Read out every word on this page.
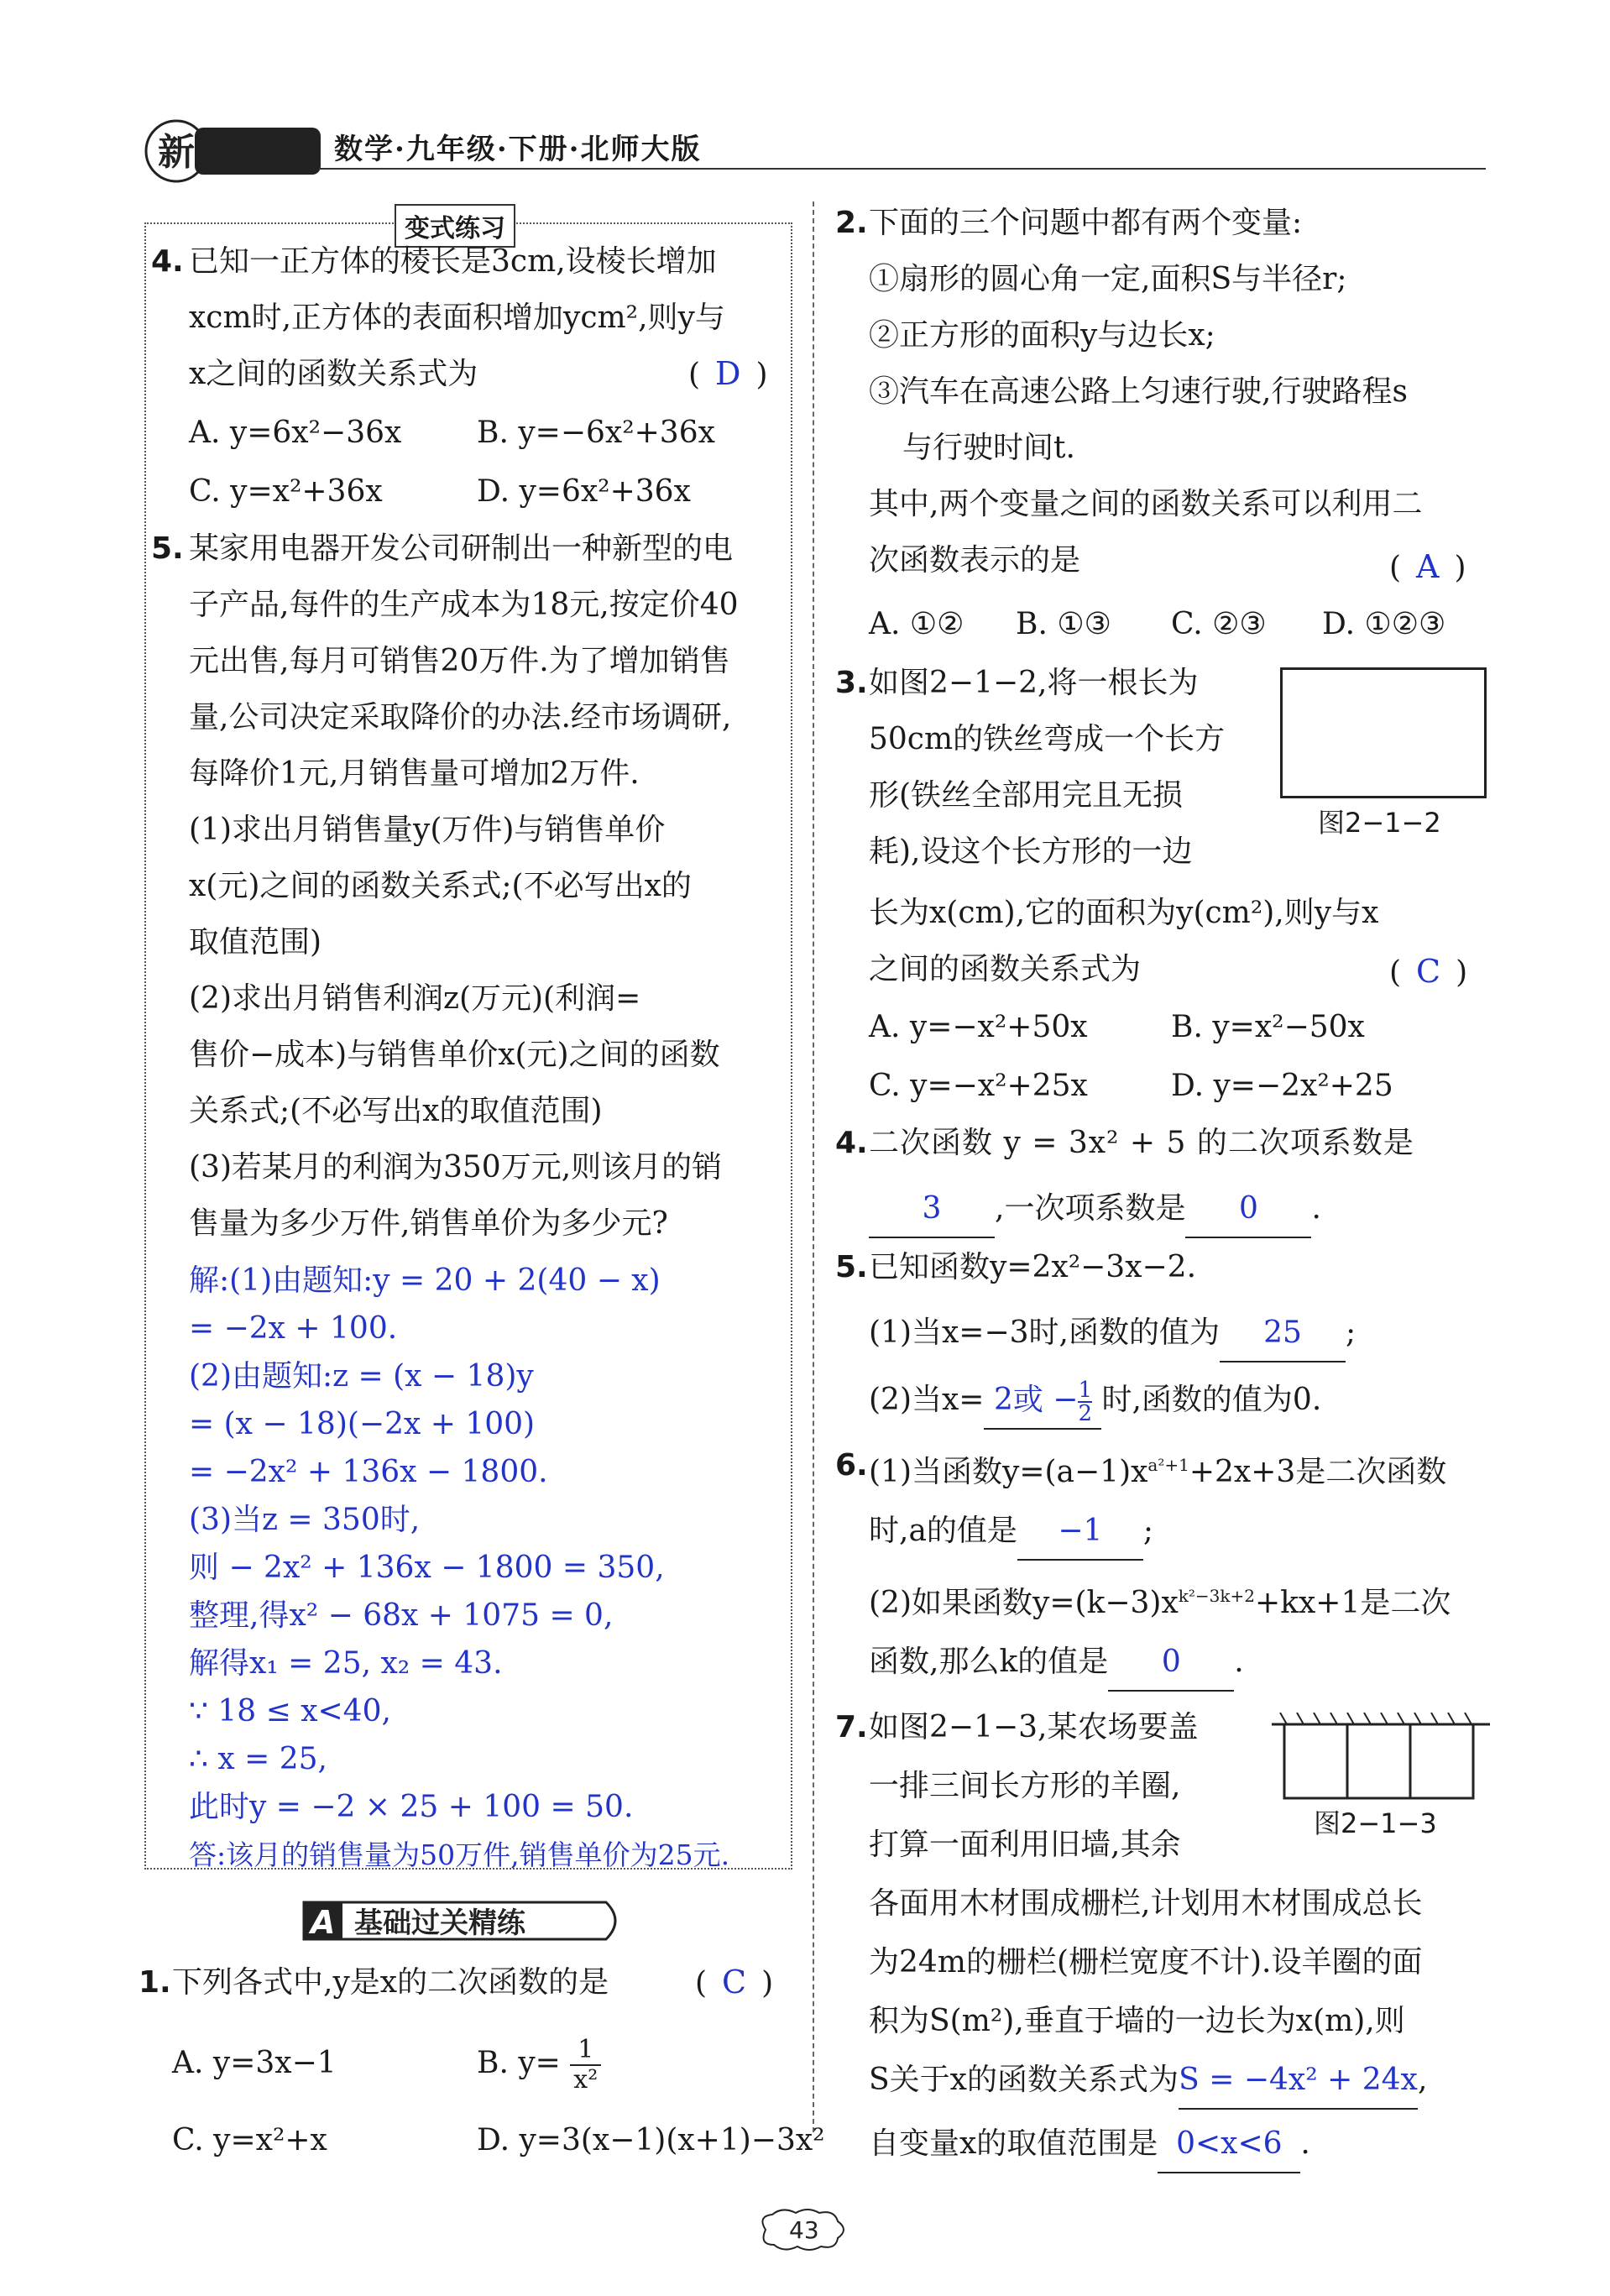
新课堂 数学·九年级·下册·北师大版
变式练习
4. 已知一正方体的棱长是3cm,设棱长增加
xcm时,正方体的表面积增加ycm²,则y与
x之间的函数关系式为	( D )
A. y=6x²−36x B. y=−6x²+36x
C. y=x²+36x	D. y=6x²+36x
5. 某家用电器开发公司研制出一种新型的电
子产品,每件的生产成本为18元,按定价40
元出售,每月可销售20万件.为了增加销售
量,公司决定采取降价的办法.经市场调研,
每降价1元,月销售量可增加2万件.
(1)求出月销售量y(万件)与销售单价
x(元)之间的函数关系式;(不必写出x的
取值范围)
(2)求出月销售利润z(万元)(利润=
售价−成本)与销售单价x(元)之间的函数
关系式;(不必写出x的取值范围)
(3)若某月的利润为350万元,则该月的销
售量为多少万件,销售单价为多少元?
解:(1)由题知:y = 20 + 2(40 − x)
= −2x + 100.
(2)由题知:z = (x − 18)y
= (x − 18)(−2x + 100)
= −2x² + 136x − 1800.
(3)当z = 350时,
则 − 2x² + 136x − 1800 = 350,
整理,得x² − 68x + 1075 = 0,
解得x₁ = 25, x₂ = 43.
∵ 18 ≤ x<40,
∴ x = 25,
此时y = −2 × 25 + 100 = 50.
答:该月的销售量为50万件,销售单价为25元.
A 基础过关精练
1. 下列各式中,y是x的二次函数的是	( C )
A. y=3x−1	B. $y= \frac{1}{\text{x²}}$
C. y=x²+x	D. y=3(x−1)(x+1)−3x²
2. 下面的三个问题中都有两个变量:
①扇形的圆心角一定,面积S与半径r;
②正方形的面积y与边长x;
③汽车在高速公路上匀速行驶,行驶路程s
与行驶时间t.
其中,两个变量之间的函数关系可以利用二
次函数表示的是	( A )
A. ①② B. ①③ C. ②③ D. ①②③
3. 如图2−1−2,将一根长为
50cm的铁丝弯成一个长方
形(铁丝全部用完且无损
耗),设这个长方形的一边
长为x(cm),它的面积为y(cm²),则y与x
之间的函数关系式为	( C )
图2−1−2
A. y=−x²+50x	B. y=x²−50x
C. y=−x²+25x	D. y=−2x²+25
4. 二次函数 y = 3x² + 5 的二次项系数是
3 ,一次项系数是 0 .
5. 已知函数y=2x²−3x−2.
(1)当x=−3时,函数的值为 25 ;
(2)当x= 2或 − $\frac{1}{2}$ 时,函数的值为0.
6. (1)当函数$y=(a-1)x^{a^2+1}+2x+3$是二次函数
时,a的值是 −1 ;
(2)如果函数$y=(k-3)x^{k^2-3k+2}+kx+1$是二次
函数,那么k的值是 0 .
7. 如图2−1−3,某农场要盖
一排三间长方形的羊圈,
打算一面利用旧墙,其余
各面用木材围成栅栏,计划用木材围成总长
为24m的栅栏(栅栏宽度不计).设羊圈的面
积为S(m²),垂直于墙的一边长为x(m),则
图2−1−3
S关于x的函数关系式为S = −4x² + 24x,
自变量x的取值范围是 0<x<6 .
43
